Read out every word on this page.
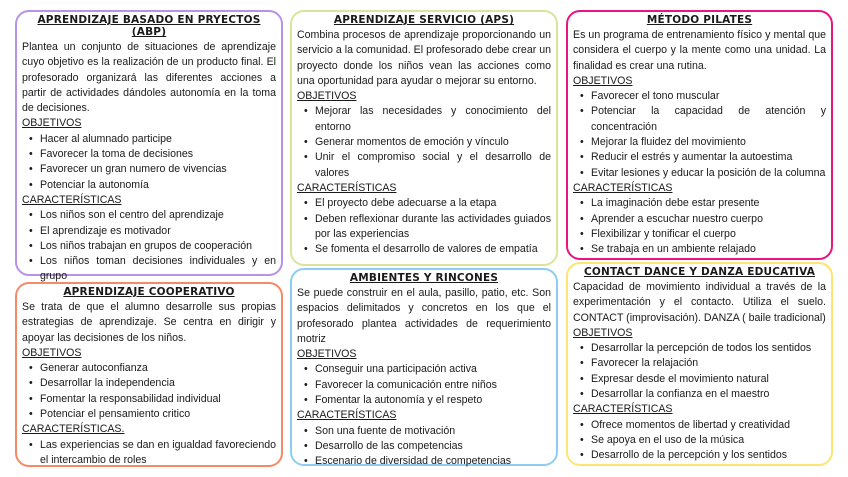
APRENDIZAJE BASADO EN PRYECTOS (ABP)

Plantea un conjunto de situaciones de aprendizaje cuyo objetivo es la realización de un producto final. El profesorado organizará las diferentes acciones a partir de actividades dándoles autonomía en la toma de decisiones.

OBJETIVOS
• Hacer al alumnado participe
• Favorecer la toma de decisiones
• Favorecer un gran numero de vivencias
• Potenciar la autonomía
CARACTERÍSTICAS
• Los niños son el centro del aprendizaje
• El aprendizaje es motivador
• Los niños trabajan en grupos de cooperación
• Los niños toman decisiones individuales y en grupo
APRENDIZAJE SERVICIO (APS)

Combina procesos de aprendizaje proporcionando un servicio a la comunidad. El profesorado debe crear un proyecto donde los niños vean las acciones como una oportunidad para ayudar o mejorar su entorno.

OBJETIVOS
• Mejorar las necesidades y conocimiento del entorno
• Generar momentos de emoción y vínculo
• Unir el compromiso social y el desarrollo de valores
CARACTERÍSTICAS
• El proyecto debe adecuarse a la etapa
• Deben reflexionar durante las actividades guiados por las experiencias
• Se fomenta el desarrollo de valores de empatía
MÉTODO PILATES

Es un programa de entrenamiento físico y mental que considera el cuerpo y la mente como una unidad. La finalidad es crear una rutina.

OBJETIVOS
• Favorecer el tono muscular
• Potenciar la capacidad de atención y concentración
• Mejorar la fluidez del movimiento
• Reducir el estrés y aumentar la autoestima
• Evitar lesiones y educar la posición de la columna
CARACTERÍSTICAS
• La imaginación debe estar presente
• Aprender a escuchar nuestro cuerpo
• Flexibilizar y tonificar el cuerpo
• Se trabaja en un ambiente relajado
APRENDIZAJE COOPERATIVO

Se trata de que el alumno desarrolle sus propias estrategias de aprendizaje. Se centra en dirigir y apoyar las decisiones de los niños.

OBJETIVOS
• Generar autoconfianza
• Desarrollar la independencia
• Fomentar la responsabilidad individual
• Potenciar el pensamiento critico
CARACTERÍSTICAS.
• Las experiencias se dan en igualdad favoreciendo el intercambio de roles
AMBIENTES Y RINCONES

Se puede construir en el aula, pasillo, patio, etc. Son espacios delimitados y concretos en los que el profesorado plantea actividades de requerimiento motriz

OBJETIVOS
• Conseguir una participación activa
• Favorecer la comunicación entre niños
• Fomentar la autonomía y el respeto
CARACTERÍSTICAS
• Son una fuente de motivación
• Desarrollo de las competencias
• Escenario de diversidad de competencias
CONTACT DANCE Y DANZA EDUCATIVA

Capacidad de movimiento individual a través de la experimentación y el contacto. Utiliza el suelo. CONTACT (improvisación). DANZA ( baile tradicional)

OBJETIVOS
• Desarrollar la percepción de todos los sentidos
• Favorecer la relajación
• Expresar desde el movimiento natural
• Desarrollar la confianza en el maestro
CARACTERÍSTICAS
• Ofrece momentos de libertad y creatividad
• Se apoya en el uso de la música
• Desarrollo de la percepción y los sentidos
